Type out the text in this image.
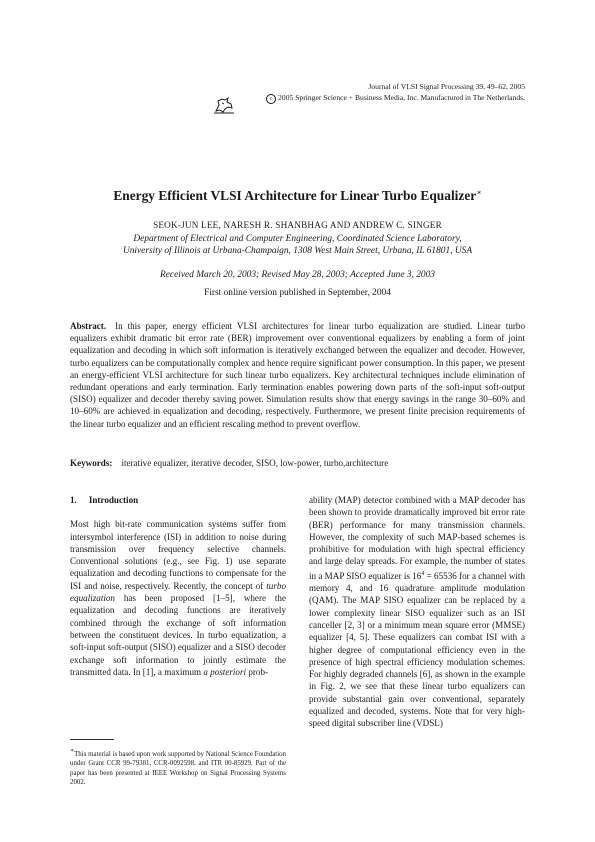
Journal of VLSI Signal Processing 39, 49–62, 2005
c 2005 Springer Science + Business Media, Inc. Manufactured in The Netherlands.
Energy Efficient VLSI Architecture for Linear Turbo Equalizer∗
SEOK-JUN LEE, NARESH R. SHANBHAG AND ANDREW C. SINGER
Department of Electrical and Computer Engineering, Coordinated Science Laboratory,
University of Illinois at Urbana-Champaign, 1308 West Main Street, Urbana, IL 61801, USA
Received March 20, 2003; Revised May 28, 2003; Accepted June 3, 2003
First online version published in September, 2004
Abstract. In this paper, energy efficient VLSI architectures for linear turbo equalization are studied. Linear turbo equalizers exhibit dramatic bit error rate (BER) improvement over conventional equalizers by enabling a form of joint equalization and decoding in which soft information is iteratively exchanged between the equalizer and decoder. However, turbo equalizers can be computationally complex and hence require significant power consumption. In this paper, we present an energy-efficient VLSI architecture for such linear turbo equalizers. Key architectural techniques include elimination of redundant operations and early termination. Early termination enables powering down parts of the soft-input soft-output (SISO) equalizer and decoder thereby saving power. Simulation results show that energy savings in the range 30–60% and 10–60% are achieved in equalization and decoding, respectively. Furthermore, we present finite precision requirements of the linear turbo equalizer and an efficient rescaling method to prevent overflow.
Keywords: iterative equalizer, iterative decoder, SISO, low-power, turbo,architecture
1. Introduction

Most high bit-rate communication systems suffer from intersymbol interference (ISI) in addition to noise during transmission over frequency selective channels. Conventional solutions (e.g., see Fig. 1) use separate equalization and decoding functions to compensate for the ISI and noise, respectively. Recently, the concept of turbo equalization has been proposed [1–5], where the equalization and decoding functions are iteratively combined through the exchange of soft information between the constituent devices. In turbo equalization, a soft-input soft-output (SISO) equalizer and a SISO decoder exchange soft information to jointly estimate the transmitted data. In [1], a maximum a posteriori prob-

∗This material is based upon work supported by National Science Foundation under Grant CCR 99-79381, CCR-0092598, and ITR 00-85929. Part of the paper has been presented at IEEE Workshop on Signal Processing Systems 2002.

ability (MAP) detector combined with a MAP decoder has been shown to provide dramatically improved bit error rate (BER) performance for many transmission channels. However, the complexity of such MAP-based schemes is prohibitive for modulation with high spectral efficiency and large delay spreads. For example, the number of states in a MAP SISO equalizer is $16^4 = 65536$ for a channel with memory 4, and 16 quadrature amplitude modulation (QAM). The MAP SISO equalizer can be replaced by a lower complexity linear SISO equalizer such as an ISI canceller [2, 3] or a minimum mean square error (MMSE) equalizer [4, 5]. These equalizers can combat ISI with a higher degree of computational efficiency even in the presence of high spectral efficiency modulation schemes. For highly degraded channels [6], as shown in the example in Fig. 2, we see that these linear turbo equalizers can provide substantial gain over conventional, separately equalized and decoded, systems. Note that for very high-speed digital subscriber line (VDSL)
